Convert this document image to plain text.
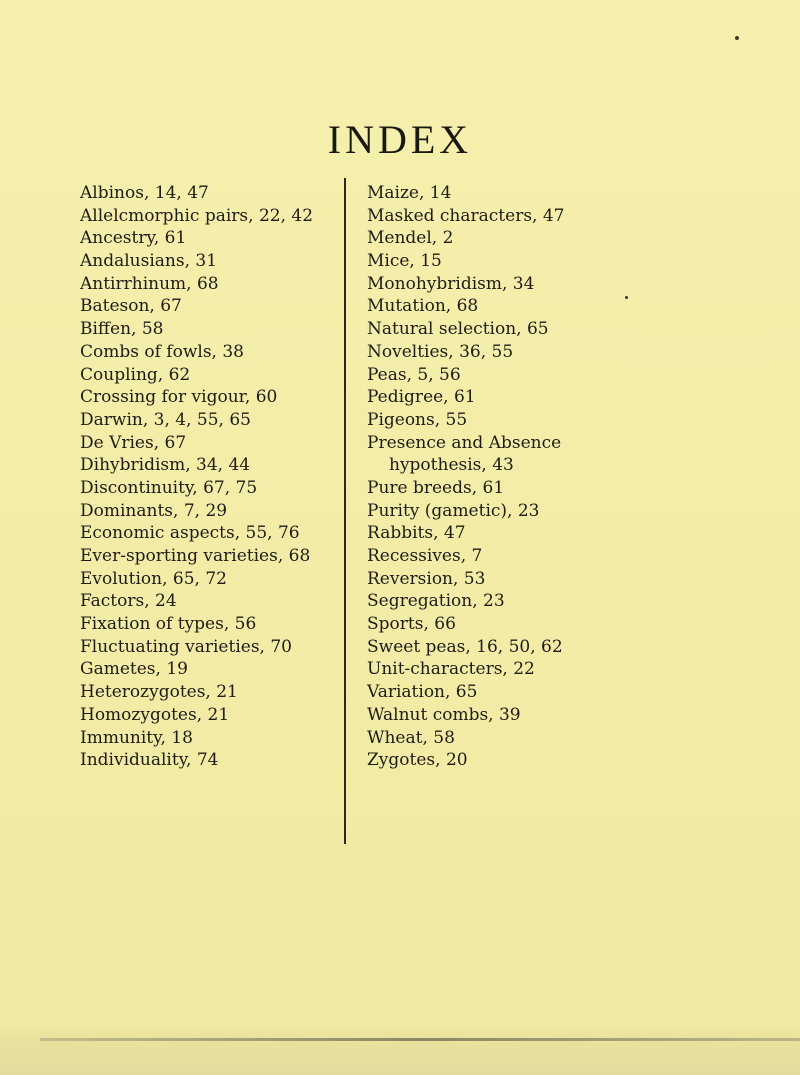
INDEX
Albinos, 14, 47
Allelcmorphic pairs, 22, 42
Ancestry, 61
Andalusians, 31
Antirrhinum, 68
Bateson, 67
Biffen, 58
Combs of fowls, 38
Coupling, 62
Crossing for vigour, 60
Darwin, 3, 4, 55, 65
De Vries, 67
Dihybridism, 34, 44
Discontinuity, 67, 75
Dominants, 7, 29
Economic aspects, 55, 76
Ever-sporting varieties, 68
Evolution, 65, 72
Factors, 24
Fixation of types, 56
Fluctuating varieties, 70
Gametes, 19
Heterozygotes, 21
Homozygotes, 21
Immunity, 18
Individuality, 74
Maize, 14
Masked characters, 47
Mendel, 2
Mice, 15
Monohybridism, 34
Mutation, 68
Natural selection, 65
Novelties, 36, 55
Peas, 5, 56
Pedigree, 61
Pigeons, 55
Presence and Absence
hypothesis, 43
Pure breeds, 61
Purity (gametic), 23
Rabbits, 47
Recessives, 7
Reversion, 53
Segregation, 23
Sports, 66
Sweet peas, 16, 50, 62
Unit-characters, 22
Variation, 65
Walnut combs, 39
Wheat, 58
Zygotes, 20
